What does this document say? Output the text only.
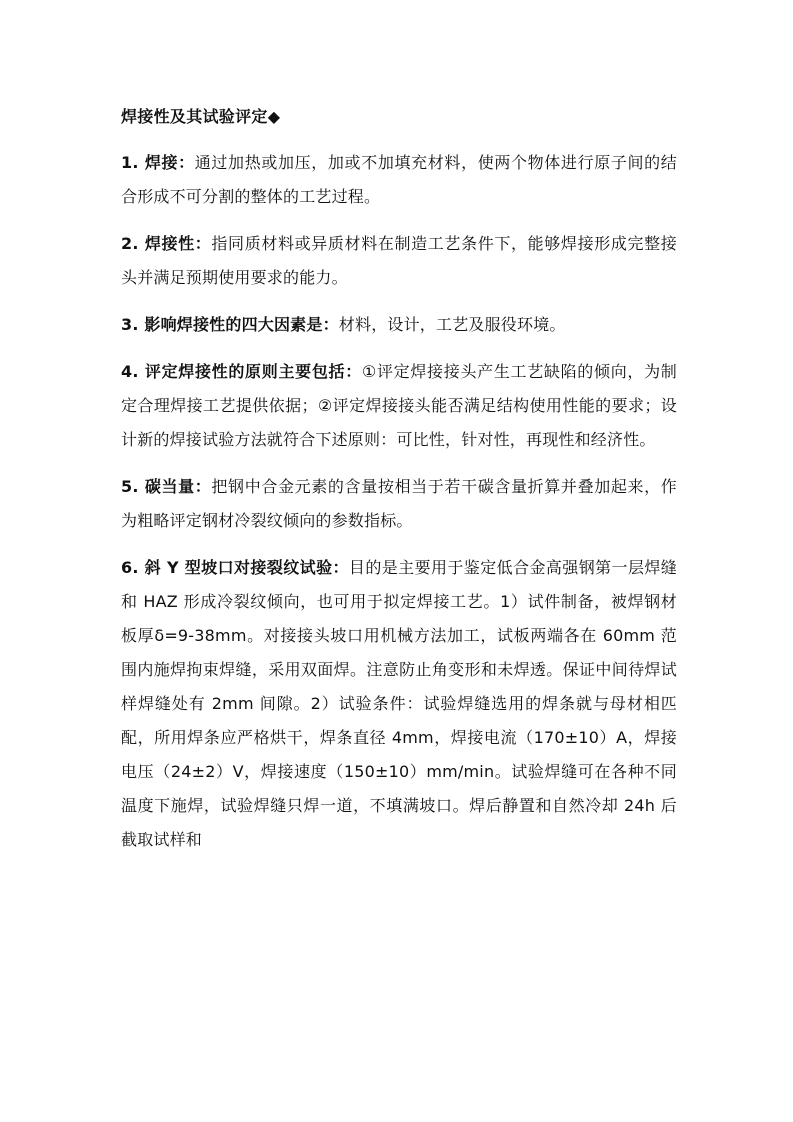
焊接性及其试验评定◆

1. 焊接：通过加热或加压，加或不加填充材料，使两个物体进行原子间的结合形成不可分割的整体的工艺过程。

2. 焊接性：指同质材料或异质材料在制造工艺条件下，能够焊接形成完整接头并满足预期使用要求的能力。

3. 影响焊接性的四大因素是：材料，设计，工艺及服役环境。

4. 评定焊接性的原则主要包括：①评定焊接接头产生工艺缺陷的倾向，为制定合理焊接工艺提供依据；②评定焊接接头能否满足结构使用性能的要求；设计新的焊接试验方法就符合下述原则：可比性，针对性，再现性和经济性。

5. 碳当量：把钢中合金元素的含量按相当于若干碳含量折算并叠加起来，作为粗略评定钢材冷裂纹倾向的参数指标。

6. 斜 Y 型坡口对接裂纹试验：目的是主要用于鉴定低合金高强钢第一层焊缝和 HAZ 形成冷裂纹倾向，也可用于拟定焊接工艺。1）试件制备，被焊钢材板厚δ=9-38mm。对接接头坡口用机械方法加工，试板两端各在 60mm 范围内施焊拘束焊缝，采用双面焊。注意防止角变形和未焊透。保证中间待焊试样焊缝处有 2mm 间隙。2）试验条件：试验焊缝选用的焊条就与母材相匹配，所用焊条应严格烘干，焊条直径 4mm，焊接电流（170±10）A，焊接电压（24±2）V，焊接速度（150±10）mm/min。试验焊缝可在各种不同温度下施焊，试验焊缝只焊一道，不填满坡口。焊后静置和自然冷却 24h 后截取试样和
